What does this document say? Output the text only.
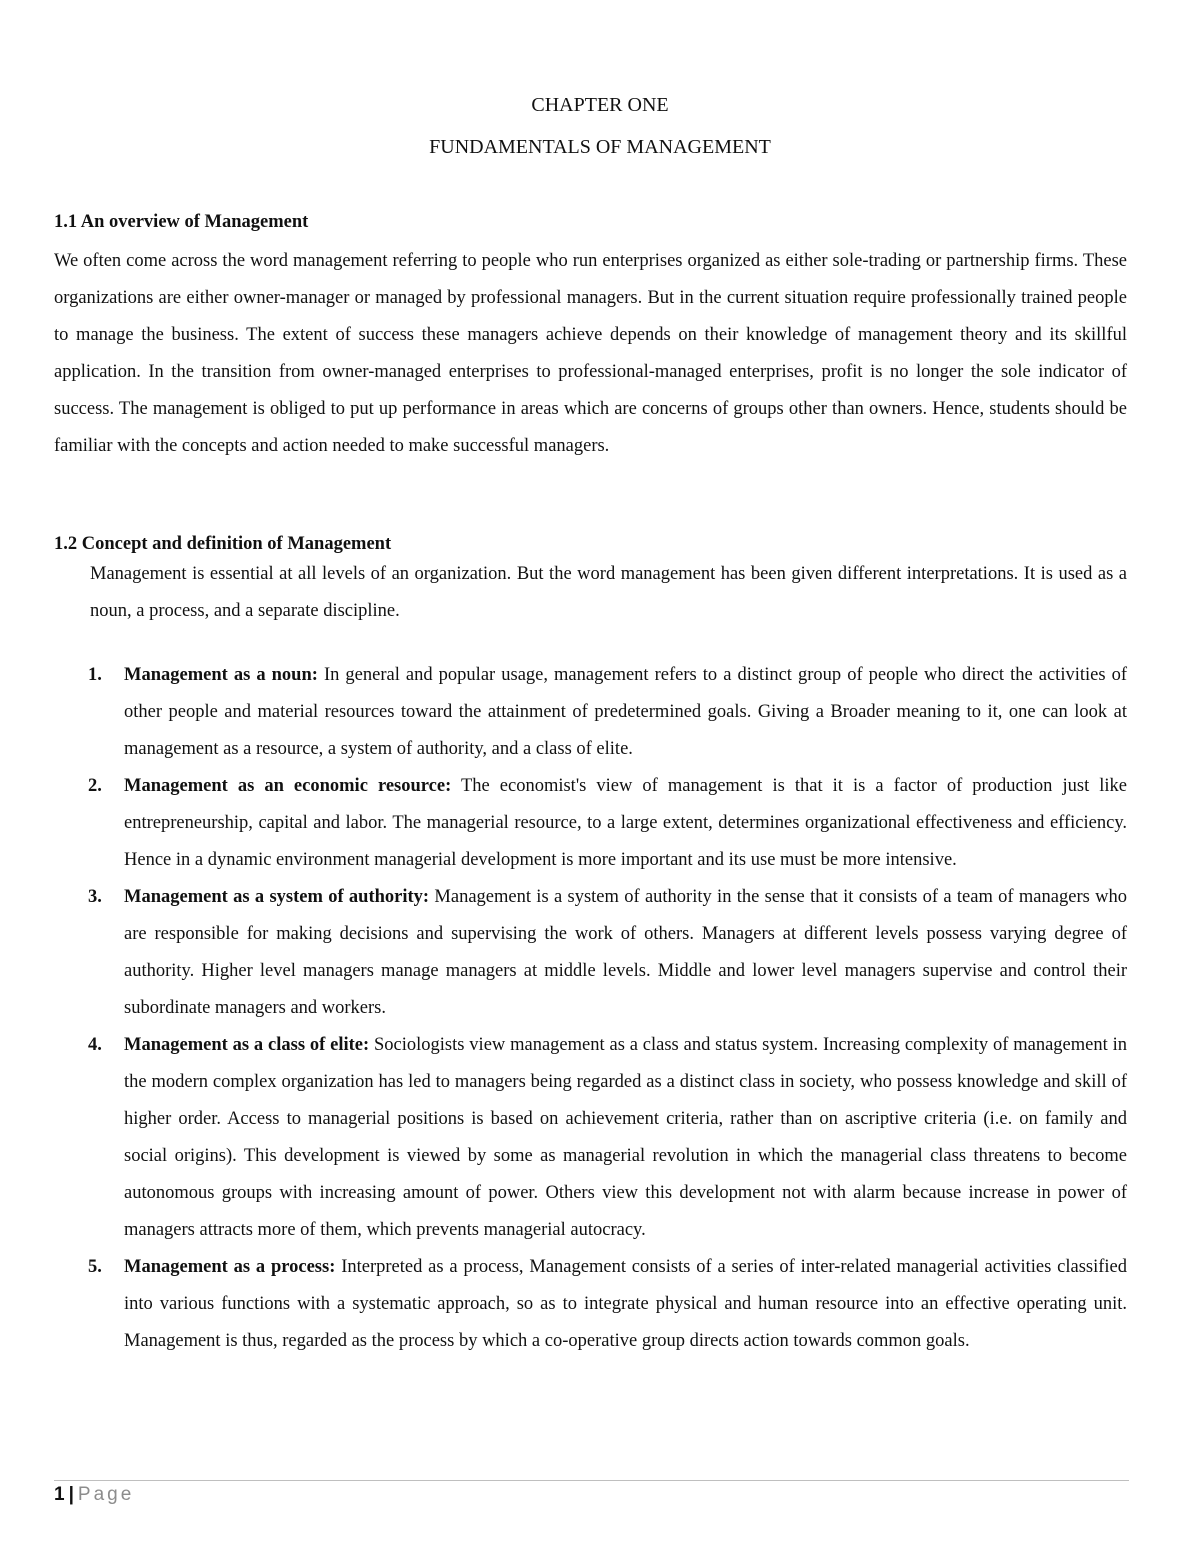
CHAPTER ONE
FUNDAMENTALS OF MANAGEMENT
1.1 An overview of Management

We often come across the word management referring to people who run enterprises organized as either sole-trading or partnership firms. These organizations are either owner-manager or managed by professional managers. But in the current situation require professionally trained people to manage the business. The extent of success these managers achieve depends on their knowledge of management theory and its skillful application. In the transition from owner-managed enterprises to professional-managed enterprises, profit is no longer the sole indicator of success. The management is obliged to put up performance in areas which are concerns of groups other than owners. Hence, students should be familiar with the concepts and action needed to make successful managers.

1.2 Concept and definition of Management

Management is essential at all levels of an organization. But the word management has been given different interpretations. It is used as a noun, a process, and a separate discipline.

1. Management as a noun: In general and popular usage, management refers to a distinct group of people who direct the activities of other people and material resources toward the attainment of predetermined goals. Giving a Broader meaning to it, one can look at management as a resource, a system of authority, and a class of elite.
2. Management as an economic resource: The economist's view of management is that it is a factor of production just like entrepreneurship, capital and labor. The managerial resource, to a large extent, determines organizational effectiveness and efficiency. Hence in a dynamic environment managerial development is more important and its use must be more intensive.
3. Management as a system of authority: Management is a system of authority in the sense that it consists of a team of managers who are responsible for making decisions and supervising the work of others. Managers at different levels possess varying degree of authority. Higher level managers manage managers at middle levels. Middle and lower level managers supervise and control their subordinate managers and workers.
4. Management as a class of elite: Sociologists view management as a class and status system. Increasing complexity of management in the modern complex organization has led to managers being regarded as a distinct class in society, who possess knowledge and skill of higher order. Access to managerial positions is based on achievement criteria, rather than on ascriptive criteria (i.e. on family and social origins). This development is viewed by some as managerial revolution in which the managerial class threatens to become autonomous groups with increasing amount of power. Others view this development not with alarm because increase in power of managers attracts more of them, which prevents managerial autocracy.
5. Management as a process: Interpreted as a process, Management consists of a series of inter-related managerial activities classified into various functions with a systematic approach, so as to integrate physical and human resource into an effective operating unit. Management is thus, regarded as the process by which a co-operative group directs action towards common goals.
1 | Page
